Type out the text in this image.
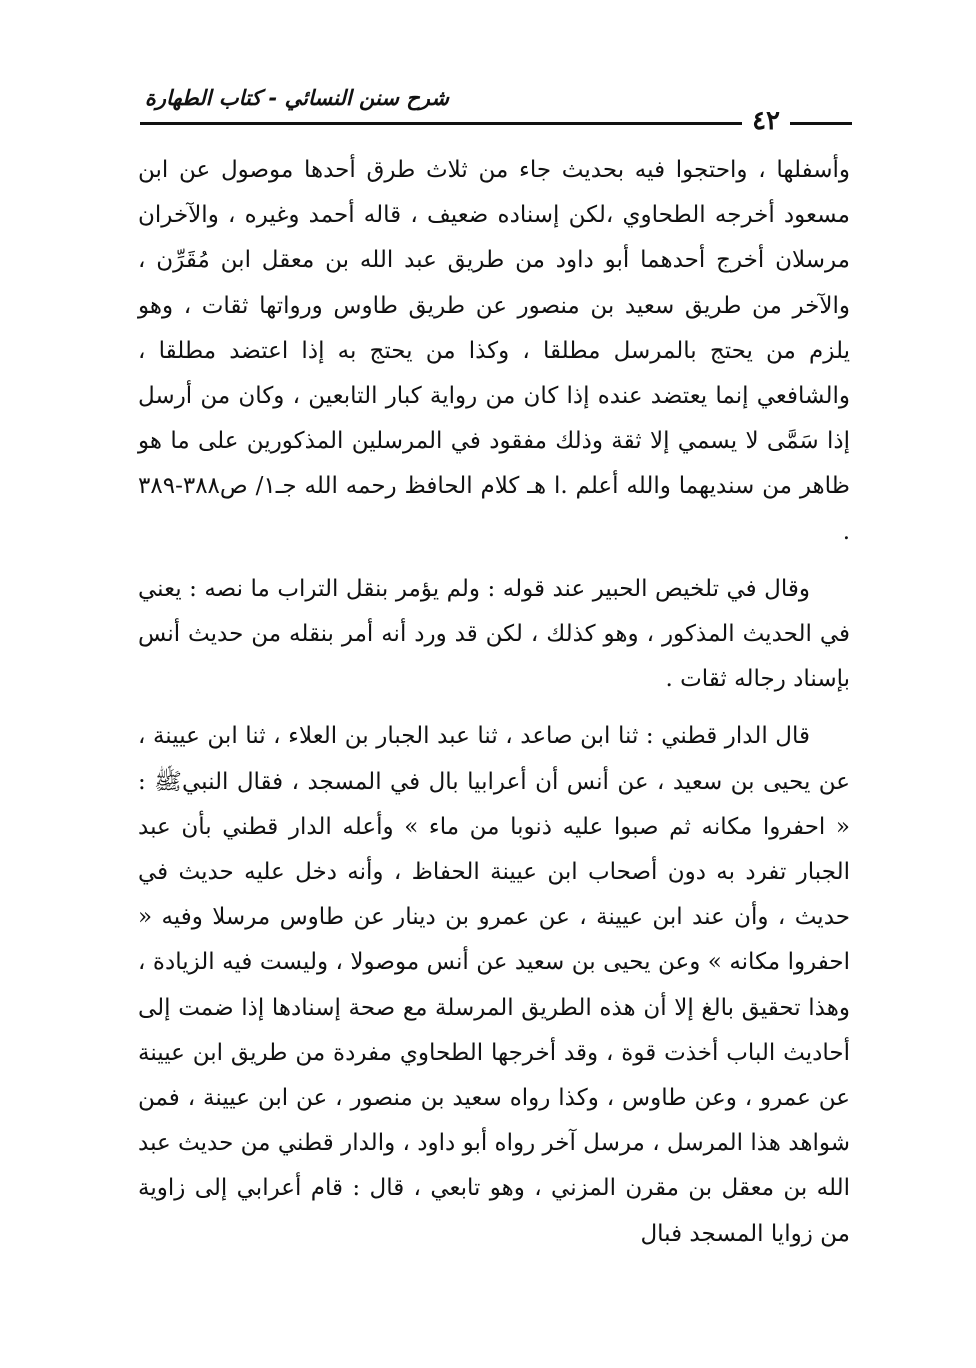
شرح سنن النسائي - كتاب الطهارة
٤٢

وأسفلها ، واحتجوا فيه بحديث جاء من ثلاث طرق أحدها موصول عن ابن مسعود أخرجه الطحاوي ،لكن إسناده ضعيف ، قاله أحمد وغيره ، والآخران مرسلان أخرج أحدهما أبو داود من طريق عبد الله بن معقل ابن مُقَرِّن ، والآخر من طريق سعيد بن منصور عن طريق طاوس ورواتها ثقات ، وهو يلزم من يحتج بالمرسل مطلقا ، وكذا من يحتج به إذا اعتضد مطلقا ، والشافعي إنما يعتضد عنده إذا كان من رواية كبار التابعين ، وكان من أرسل إذا سَمَّى لا يسمي إلا ثقة وذلك مفقود في المرسلين المذكورين على ما هو ظاهر من سنديهما والله أعلم .ا هـ كلام الحافظ رحمه الله جـ١/ ص٣٨٨-٣٨٩ .

وقال في تلخيص الحبير عند قوله : ولم يؤمر بنقل التراب ما نصه : يعني في الحديث المذكور ، وهو كذلك ، لكن قد ورد أنه أمر بنقله من حديث أنس بإسناد رجاله ثقات .

قال الدار قطني : ثنا ابن صاعد ، ثنا عبد الجبار بن العلاء ، ثنا ابن عيينة ، عن يحيى بن سعيد ، عن أنس أن أعرابيا بال في المسجد ، فقال النبيﷺ : « احفروا مكانه ثم صبوا عليه ذنوبا من ماء » وأعله الدار قطني بأن عبد الجبار تفرد به دون أصحاب ابن عيينة الحفاظ ، وأنه دخل عليه حديث في حديث ، وأن عند ابن عيينة ، عن عمرو بن دينار عن طاوس مرسلا وفيه « احفروا مكانه » وعن يحيى بن سعيد عن أنس موصولا ، وليست فيه الزيادة ، وهذا تحقيق بالغ إلا أن هذه الطريق المرسلة مع صحة إسنادها إذا ضمت إلى أحاديث الباب أخذت قوة ، وقد أخرجها الطحاوي مفردة من طريق ابن عيينة عن عمرو ، وعن طاوس ، وكذا رواه سعيد بن منصور ، عن ابن عيينة ، فمن شواهد هذا المرسل ، مرسل آخر رواه أبو داود ، والدار قطني من حديث عبد الله بن معقل بن مقرن المزني ، وهو تابعي ، قال : قام أعرابي إلى زاوية من زوايا المسجد فبال
